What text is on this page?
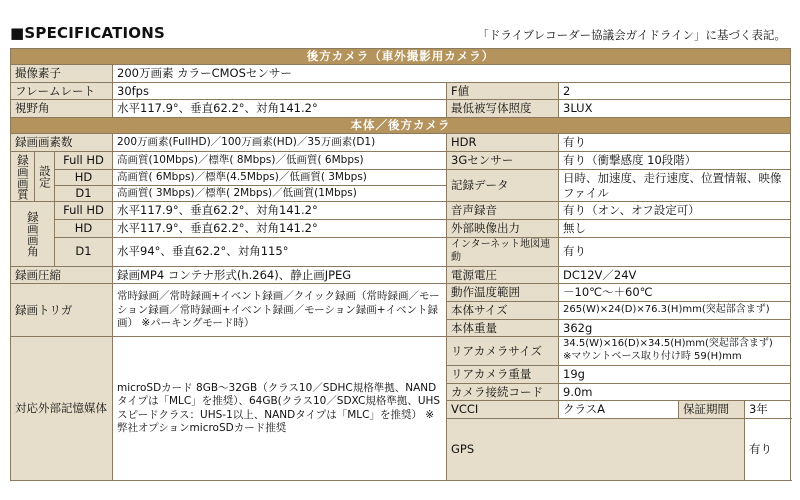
■SPECIFICATIONS	「ドライブレコーダー協議会ガイドライン」に基づく表記。
後方カメラ（車外撮影用カメラ）								
撮像素子			200万画素 カラーCMOSセンサー					
フレームレート			30fps	F値	2			
視野角			水平117.9°、垂直62.2°、対角141.2°	最低被写体照度	3LUX			
本体／後方カメラ								
録画画素数			200万画素(FullHD)／100万画素(HD)／35万画素(D1)	HDR	有り			
録画画質	設定	Full HD	高画質(10Mbps)／標準( 8Mbps)／低画質( 6Mbps)	3Gセンサー	有り（衝撃感度 10段階）			
		HD	高画質( 6Mbps)／標準(4.5Mbps)／低画質( 3Mbps)	記録データ	日時、加速度、走行速度、位置情報、映像ファイル			
		D1	高画質( 3Mbps)／標準( 2Mbps)／低画質(1Mbps)					
録画画角		Full HD	水平117.9°、垂直62.2°、対角141.2°	音声録音	有り（オン、オフ設定可）			
		HD	水平117.9°、垂直62.2°、対角141.2°	外部映像出力	無し			
		D1	水平94°、垂直62.2°、対角115°	インターネット地図連動	有り			
録画圧縮			録画MP4 コンテナ形式(h.264)、静止画JPEG	電源電圧	DC12V／24V			
録画トリガ			常時録画／常時録画+イベント録画／クイック録画（常時録画／モーション録画／常時録画+イベント録画／モーション録画+イベント録画） ※パーキングモード時）	動作温度範囲	－10℃～＋60℃			
				本体サイズ	265(W)×24(D)×76.3(H)mm(突起部含まず)			
				本体重量	362g			
対応外部記憶媒体			microSDカード 8GB～32GB（クラス10／SDHC規格準拠、NANDタイプは「MLC」を推奨）、64GB(クラス10／SDXC規格準拠、UHSスピードクラス：UHS-1以上、NANDタイプは「MLC」を推奨） ※弊社オプションmicroSDカード推奨	リアカメラサイズ	34.5(W)×16(D)×34.5(H)mm(突起部含まず)
※マウントベース取り付け時 59(H)mm			

				リアカメラ重量	19g			
				カメラ接続コード	9.0m			
				VCCI	クラスA	保証期間	3年	
				GPS			有り		
